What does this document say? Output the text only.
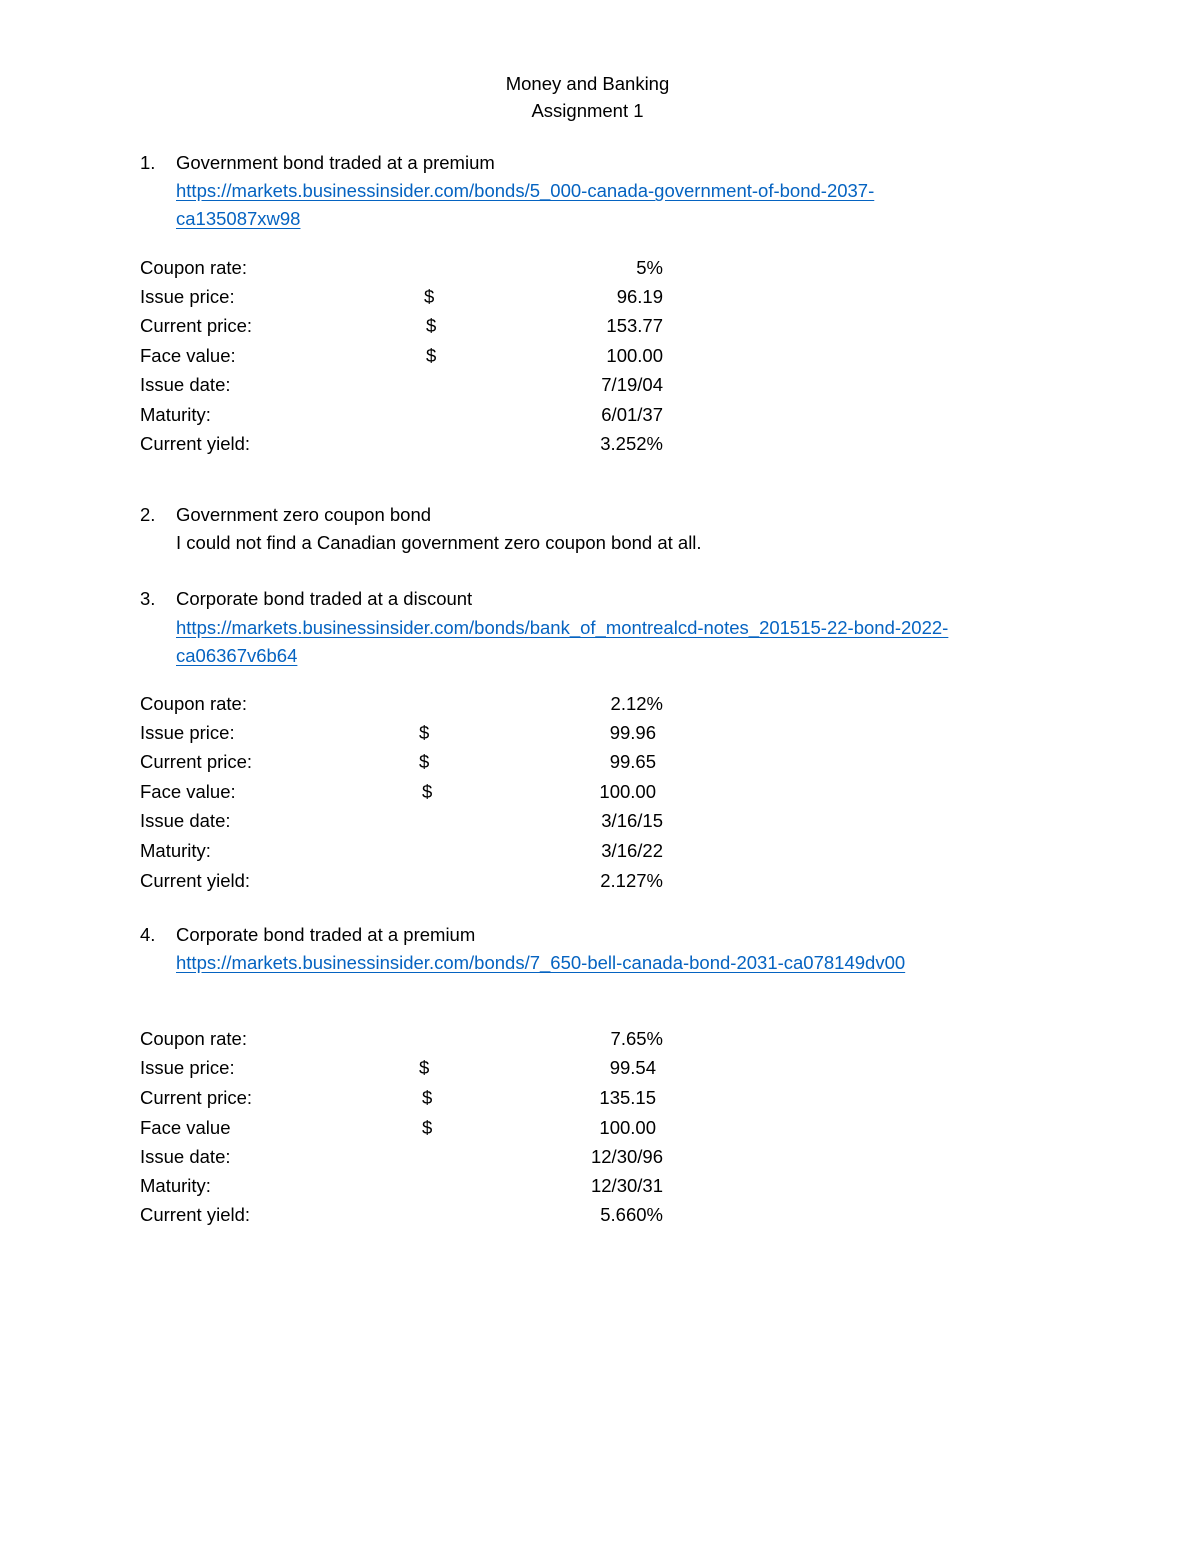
Money and Banking
Assignment 1
1. Government bond traded at a premium
https://markets.businessinsider.com/bonds/5_000-canada-government-of-bond-2037-
ca135087xw98
Coupon rate:	5%
Issue price:	$	96.19
Current price:	$	153.77
Face value:	$	100.00
Issue date:	7/19/04
Maturity:	6/01/37
Current yield:	3.252%
2. Government zero coupon bond
I could not find a Canadian government zero coupon bond at all.
3. Corporate bond traded at a discount
https://markets.businessinsider.com/bonds/bank_of_montrealcd-notes_201515-22-bond-2022-
ca06367v6b64
Coupon rate:	2.12%
Issue price:	$	99.96
Current price:	$	99.65
Face value:	$	100.00
Issue date:	3/16/15
Maturity:	3/16/22
Current yield:	2.127%
4. Corporate bond traded at a premium
https://markets.businessinsider.com/bonds/7_650-bell-canada-bond-2031-ca078149dv00
Coupon rate:	7.65%
Issue price:	$	99.54
Current price:	$	135.15
Face value	$	100.00
Issue date:	12/30/96
Maturity:	12/30/31
Current yield:	5.660%
